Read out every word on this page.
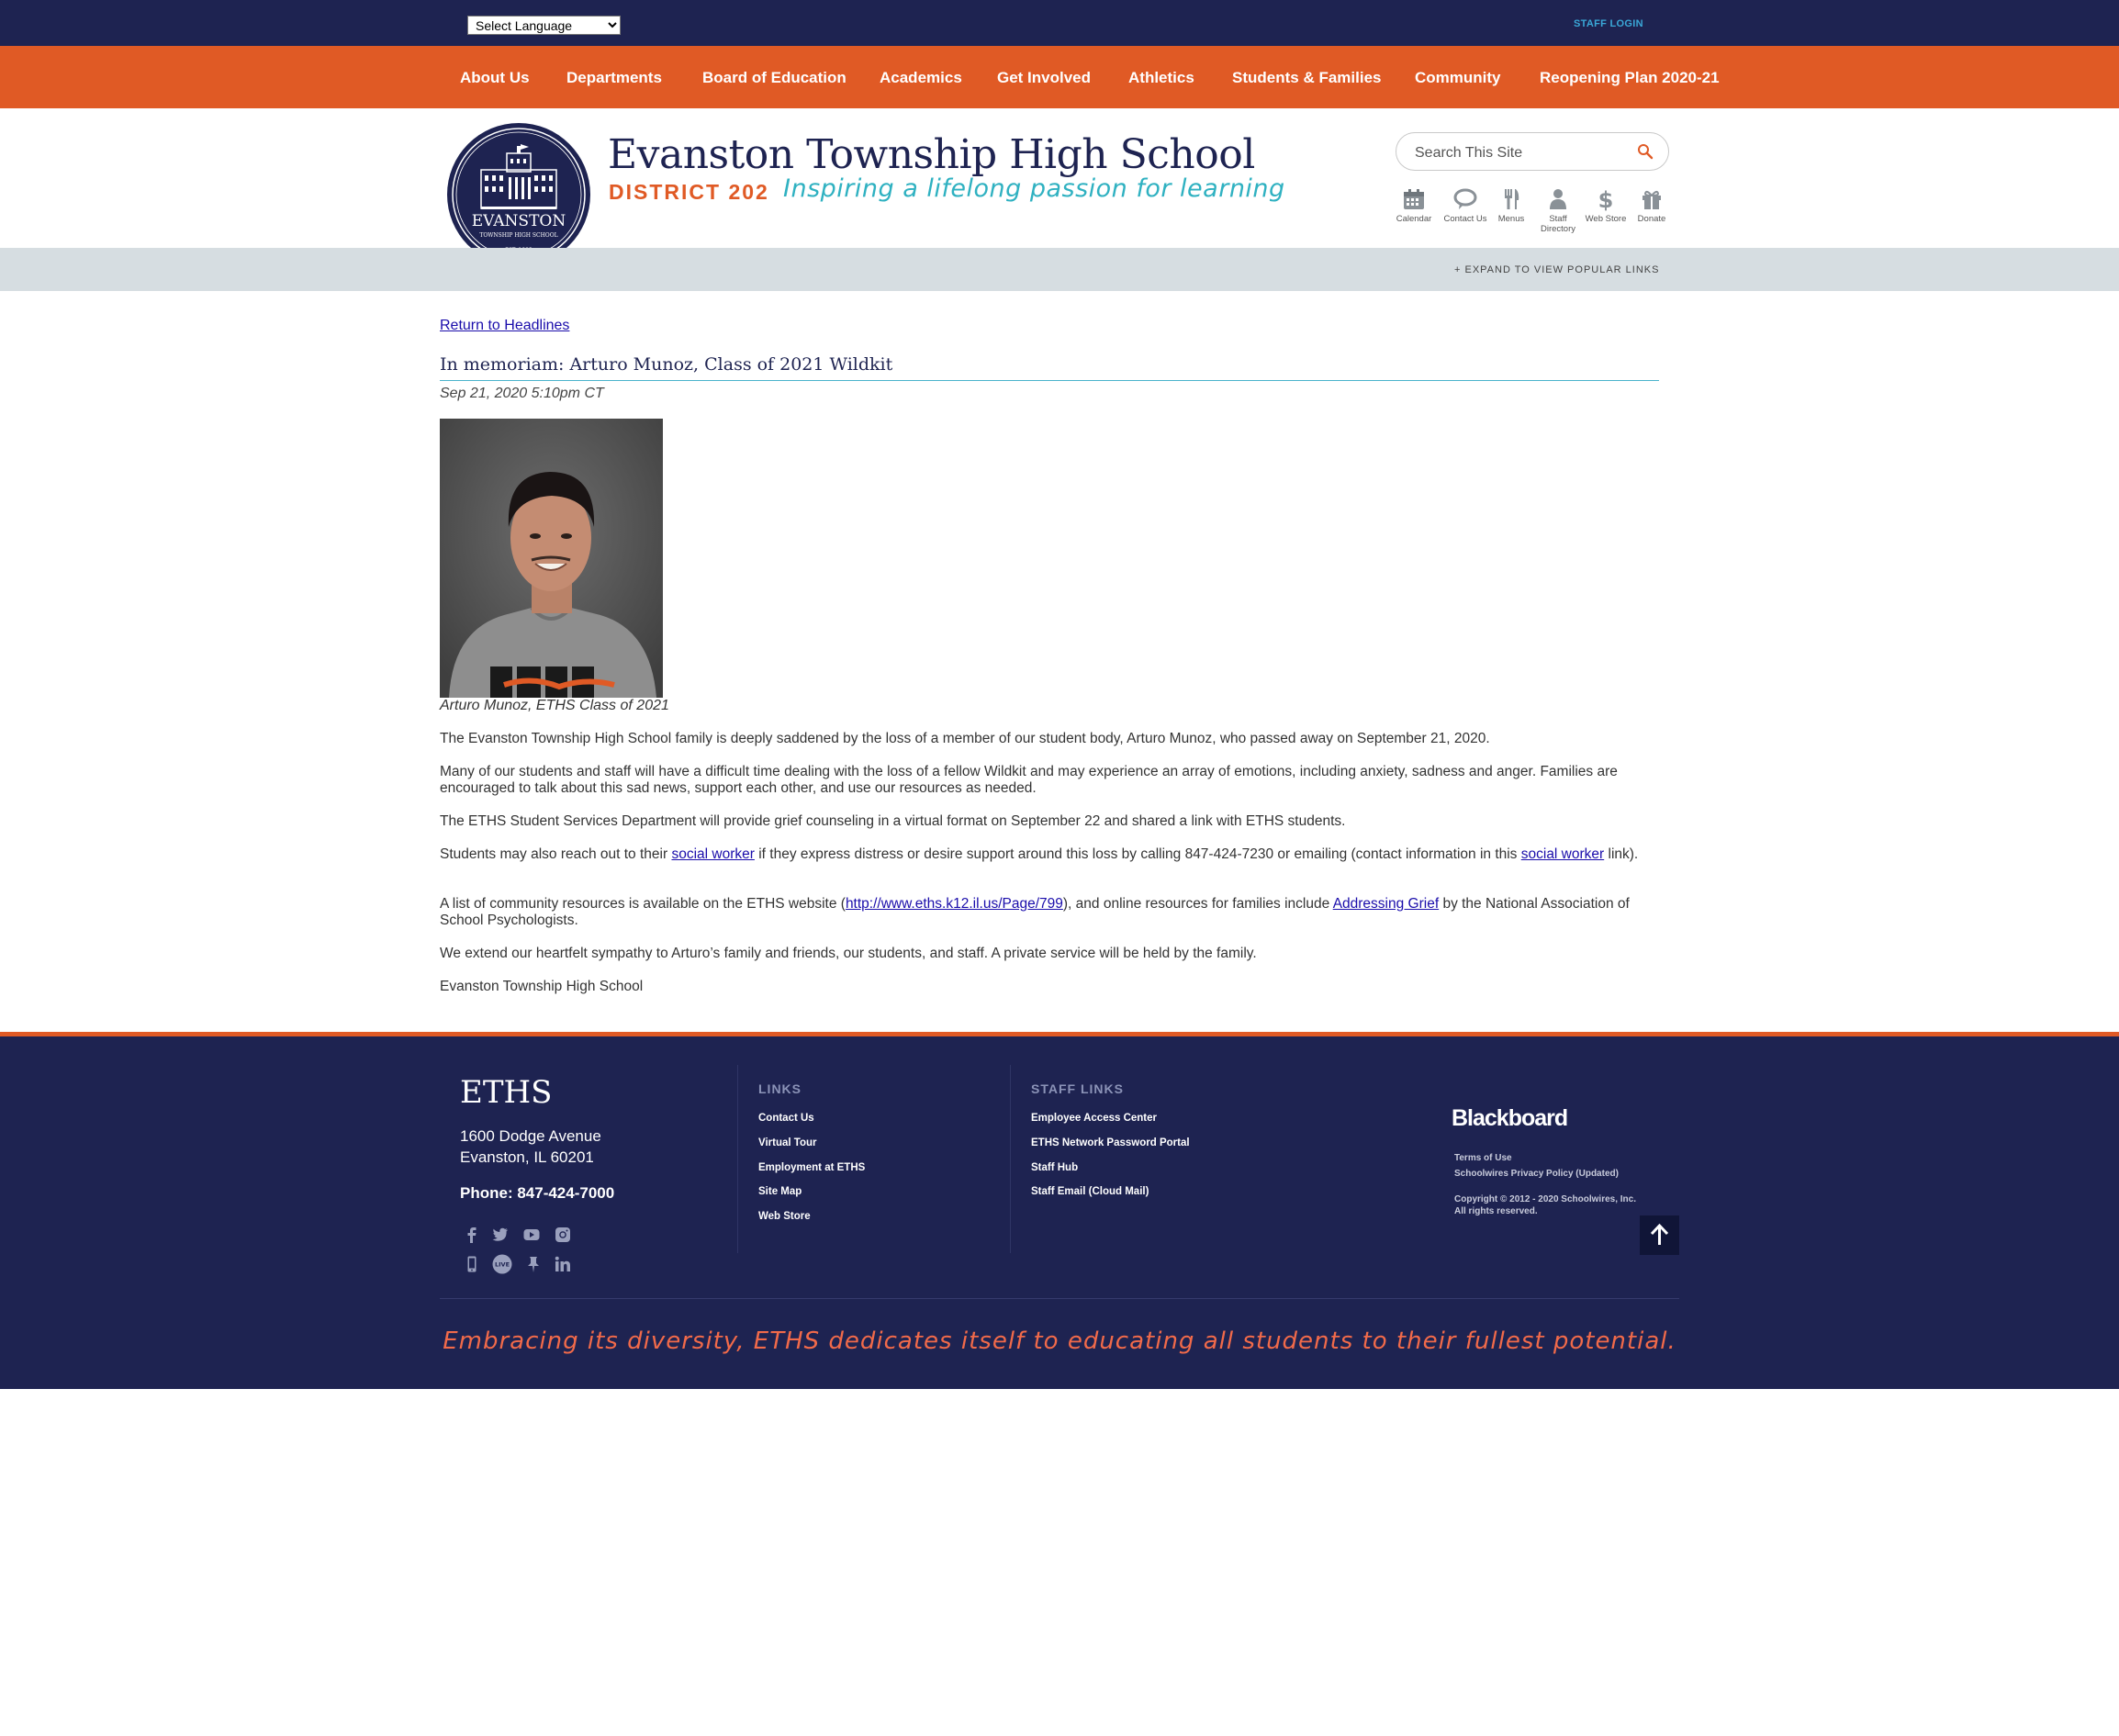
Select Language
STAFF LOGIN
About Us Departments	Board of Education Academics Get Involved Athletics Students & Families Community	Reopening Plan 2020-21
EVANSTON
TOWNSHIP HIGH SCHOOL
Evanston Township High School
DISTRICT 202 Inspiring a lifelong passion for learning
Search This Site
Calendar	Contact Us	Menus	Staff Directory
$
Web Store	Donate
+ EXPAND TO VIEW POPULAR LINKS
Return to Headlines
In memoriam: Arturo Munoz, Class of 2021 Wildkit
Sep 21, 2020 5:10pm CT
Arturo Munoz, ETHS Class of 2021
The Evanston Township High School family is deeply saddened by the loss of a member of our student body, Arturo Munoz, who passed away on September 21, 2020.
Many of our students and staff will have a difficult time dealing with the loss of a fellow Wildkit and may experience an array of emotions, including anxiety, sadness and anger. Families are encouraged to talk about this sad news, support each other, and use our resources as needed.
The ETHS Student Services Department will provide grief counseling in a virtual format on September 22 and shared a link with ETHS students.
Students may also reach out to their social worker if they express distress or desire support around this loss by calling 847-424-7230 or emailing (contact information in this social worker link).
A list of community resources is available on the ETHS website (http://www.eths.k12.il.us/Page/799), and online resources for families include Addressing Grief by the National Association of School Psychologists.
We extend our heartfelt sympathy to Arturo’s family and friends, our students, and staff. A private service will be held by the family.
Evanston Township High School
ETHS
1600 Dodge Avenue
Evanston, IL 60201
Phone: 847-424-7000
LIVE
LINKS
Contact Us
Virtual Tour
Employment at ETHS
Site Map
Web Store
STAFF LINKS
Employee Access Center
ETHS Network Password Portal
Staff Hub
Staff Email (Cloud Mail)
Blackboard
Terms of Use
Schoolwires Privacy Policy (Updated)
Copyright © 2012 - 2020 Schoolwires, Inc.
All rights reserved.
Embracing its diversity, ETHS dedicates itself to educating all students to their fullest potential.
